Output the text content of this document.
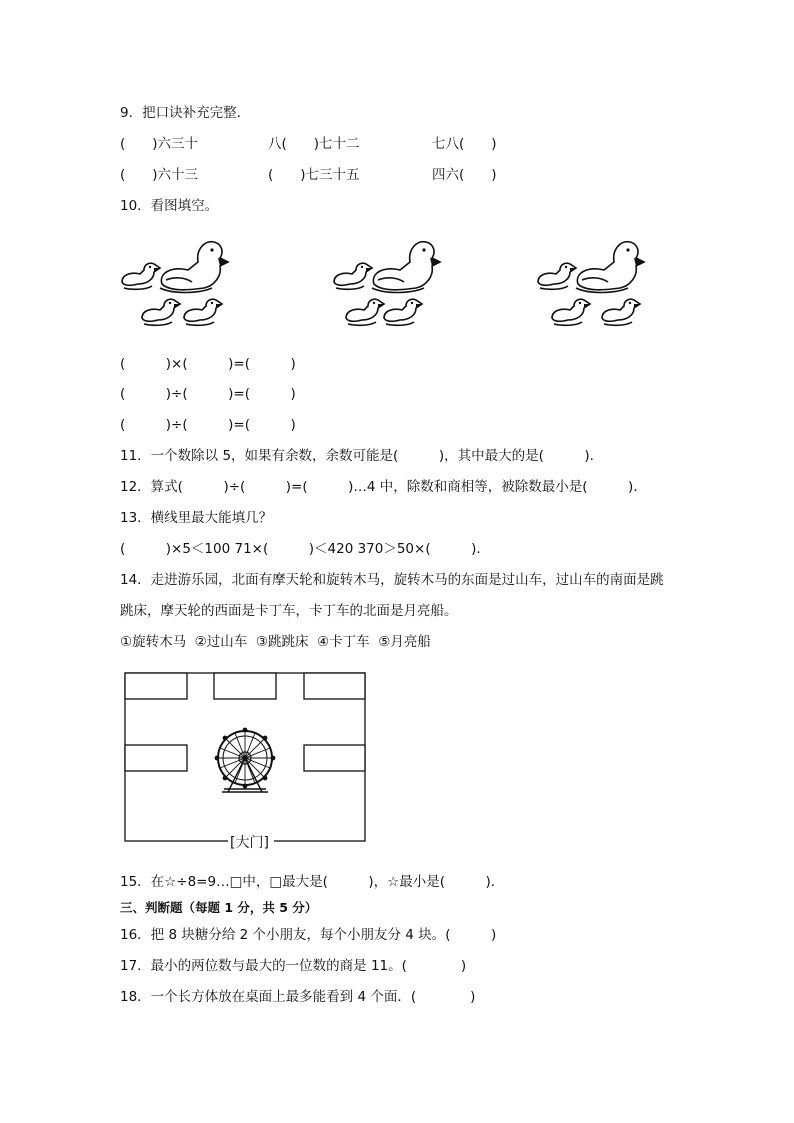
9．把口诀补充完整．
(　　)六三十	八(　　)七十二	七八(　　)
(　　)六十三	(　　)七三十五	四六(　　)
10．看图填空。
(　　　)×(　　　)=(　　　)
(　　　)÷(　　　)=(　　　)
(　　　)÷(　　　)=(　　　)
11．一个数除以 5，如果有余数，余数可能是(　　　)，其中最大的是(　　　)．
12．算式(　　　)÷(　　　)=(　　　)…4 中，除数和商相等，被除数最小是(　　　)．
13．横线里最大能填几？
(　　　)×5＜100 71×(　　　)＜420 370＞50×(　　　)．
14．走进游乐园，北面有摩天轮和旋转木马，旋转木马的东面是过山车，过山车的南面是跳
跳床，摩天轮的西面是卡丁车，卡丁车的北面是月亮船。
①旋转木马  ②过山车  ③跳跳床  ④卡丁车  ⑤月亮船
[大门]
15．在☆÷8=9…□中，□最大是(　　　)，☆最小是(　　　)．
三、判断题（每题 1 分，共 5 分）
16．把 8 块糖分给 2 个小朋友，每个小朋友分 4 块。(　　　)
17．最小的两位数与最大的一位数的商是 11。(　　　　)
18．一个长方体放在桌面上最多能看到 4 个面．(　　　　)
